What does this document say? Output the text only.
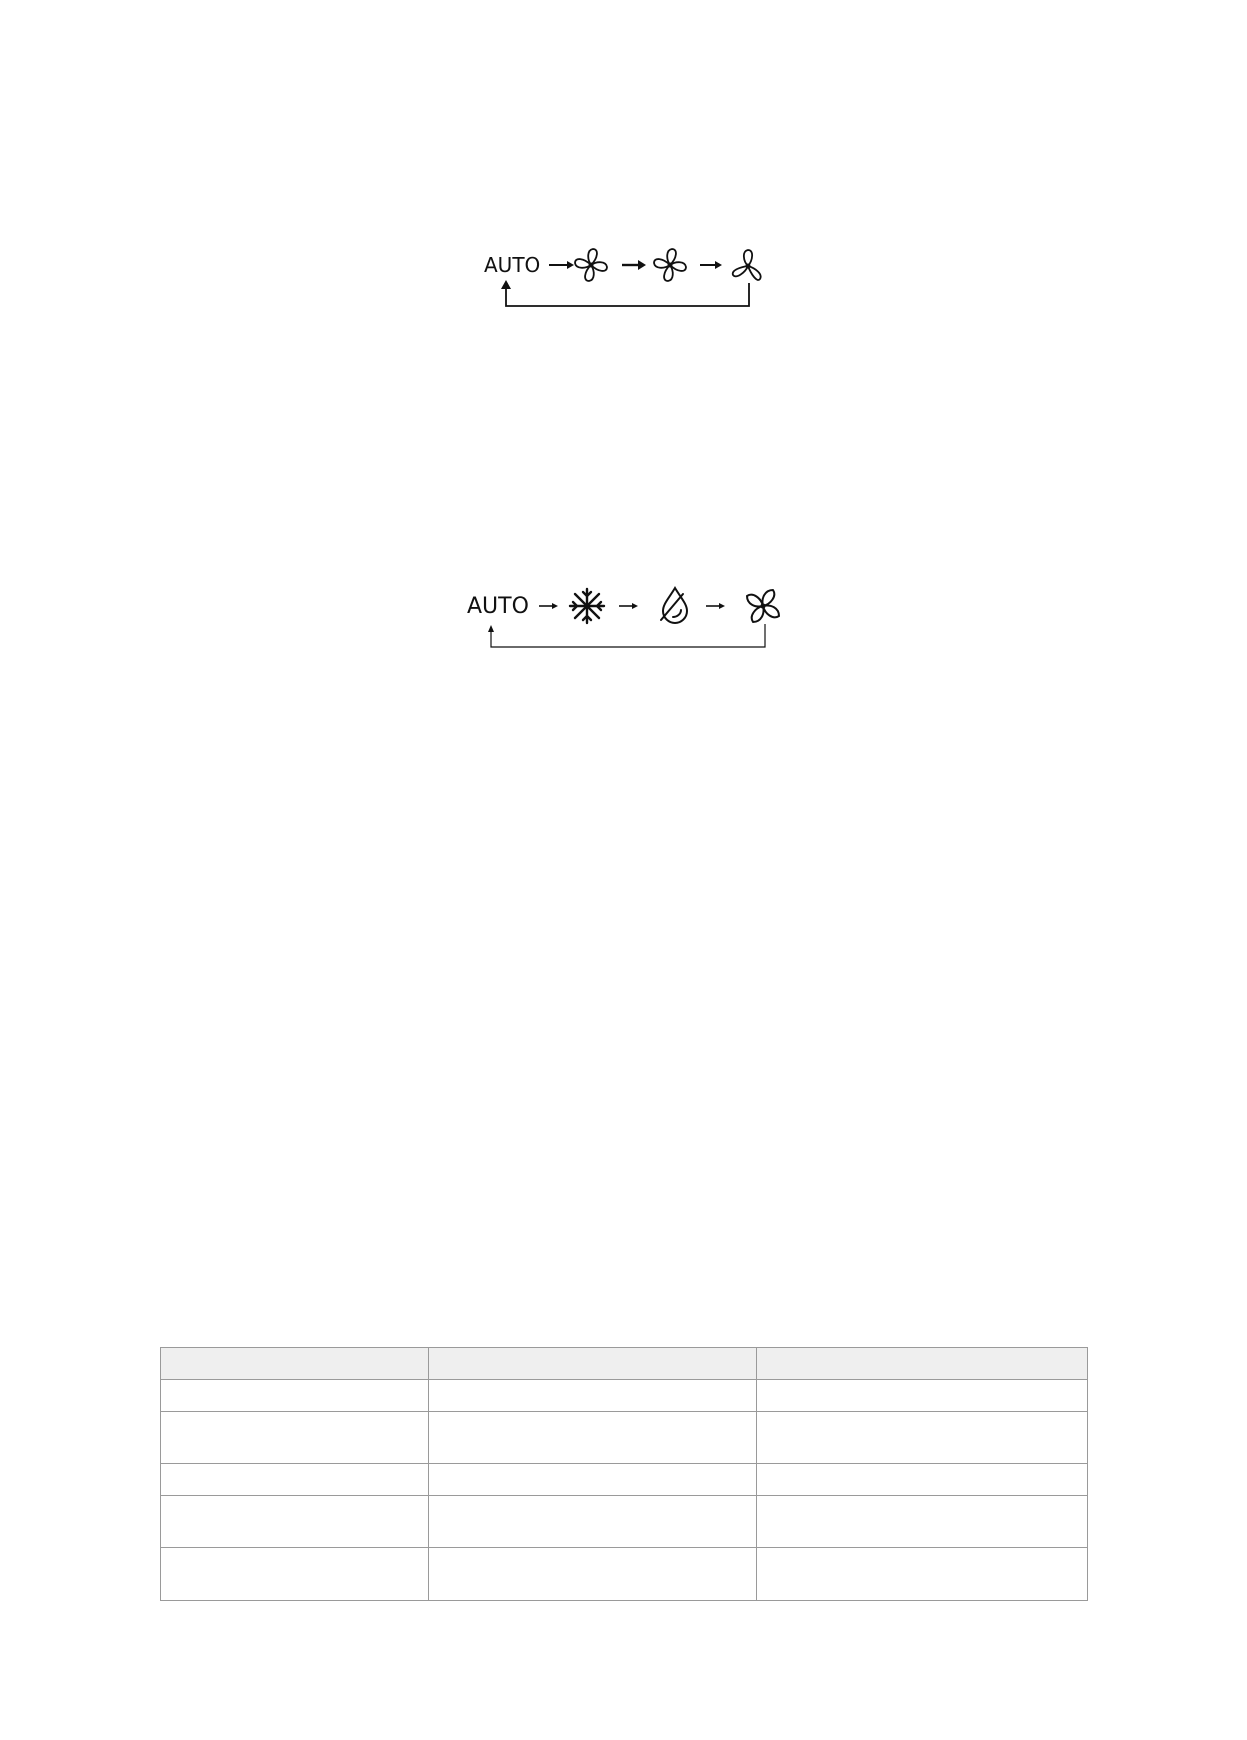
AUTO
AUTO
